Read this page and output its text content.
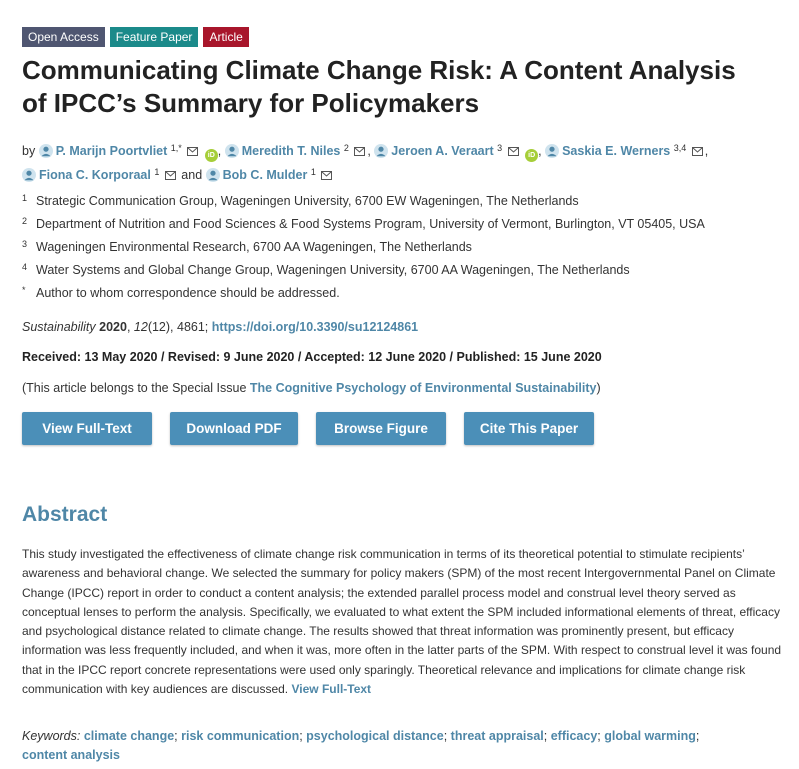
Open Access	Feature Paper	Article
Communicating Climate Change Risk: A Content Analysis of IPCC’s Summary for Policymakers
by P. Marijn Poortvliet $^{1,*}$  iD , Meredith T. Niles $^2$ , Jeroen A. Veraart $^3$  iD , Saskia E. Werners $^{3,4}$ ,
Fiona C. Korporaal $^1$ and Bob C. Mulder $^1$
1 Strategic Communication Group, Wageningen University, 6700 EW Wageningen, The Netherlands
2 Department of Nutrition and Food Sciences & Food Systems Program, University of Vermont, Burlington, VT 05405, USA
3 Wageningen Environmental Research, 6700 AA Wageningen, The Netherlands
4 Water Systems and Global Change Group, Wageningen University, 6700 AA Wageningen, The Netherlands
* Author to whom correspondence should be addressed.
Sustainability 2020, 12(12), 4861; https://doi.org/10.3390/su12124861
Received: 13 May 2020 / Revised: 9 June 2020 / Accepted: 12 June 2020 / Published: 15 June 2020
(This article belongs to the Special Issue The Cognitive Psychology of Environmental Sustainability)
View Full-Text	Download PDF	Browse Figure	Cite This Paper
Abstract

This study investigated the effectiveness of climate change risk communication in terms of its theoretical potential to stimulate recipients’ awareness and behavioral change. We selected the summary for policy makers (SPM) of the most recent Intergovernmental Panel on Climate Change (IPCC) report in order to conduct a content analysis; the extended parallel process model and construal level theory served as conceptual lenses to perform the analysis. Specifically, we evaluated to what extent the SPM included informational elements of threat, efficacy and psychological distance related to climate change. The results showed that threat information was prominently present, but efficacy information was less frequently included, and when it was, more often in the latter parts of the SPM. With respect to construal level it was found that in the IPCC report concrete representations were used only sparingly. Theoretical relevance and implications for climate change risk communication with key audiences are discussed. View Full-Text

Keywords: climate change; risk communication; psychological distance; threat appraisal; efficacy; global warming;
content analysis
